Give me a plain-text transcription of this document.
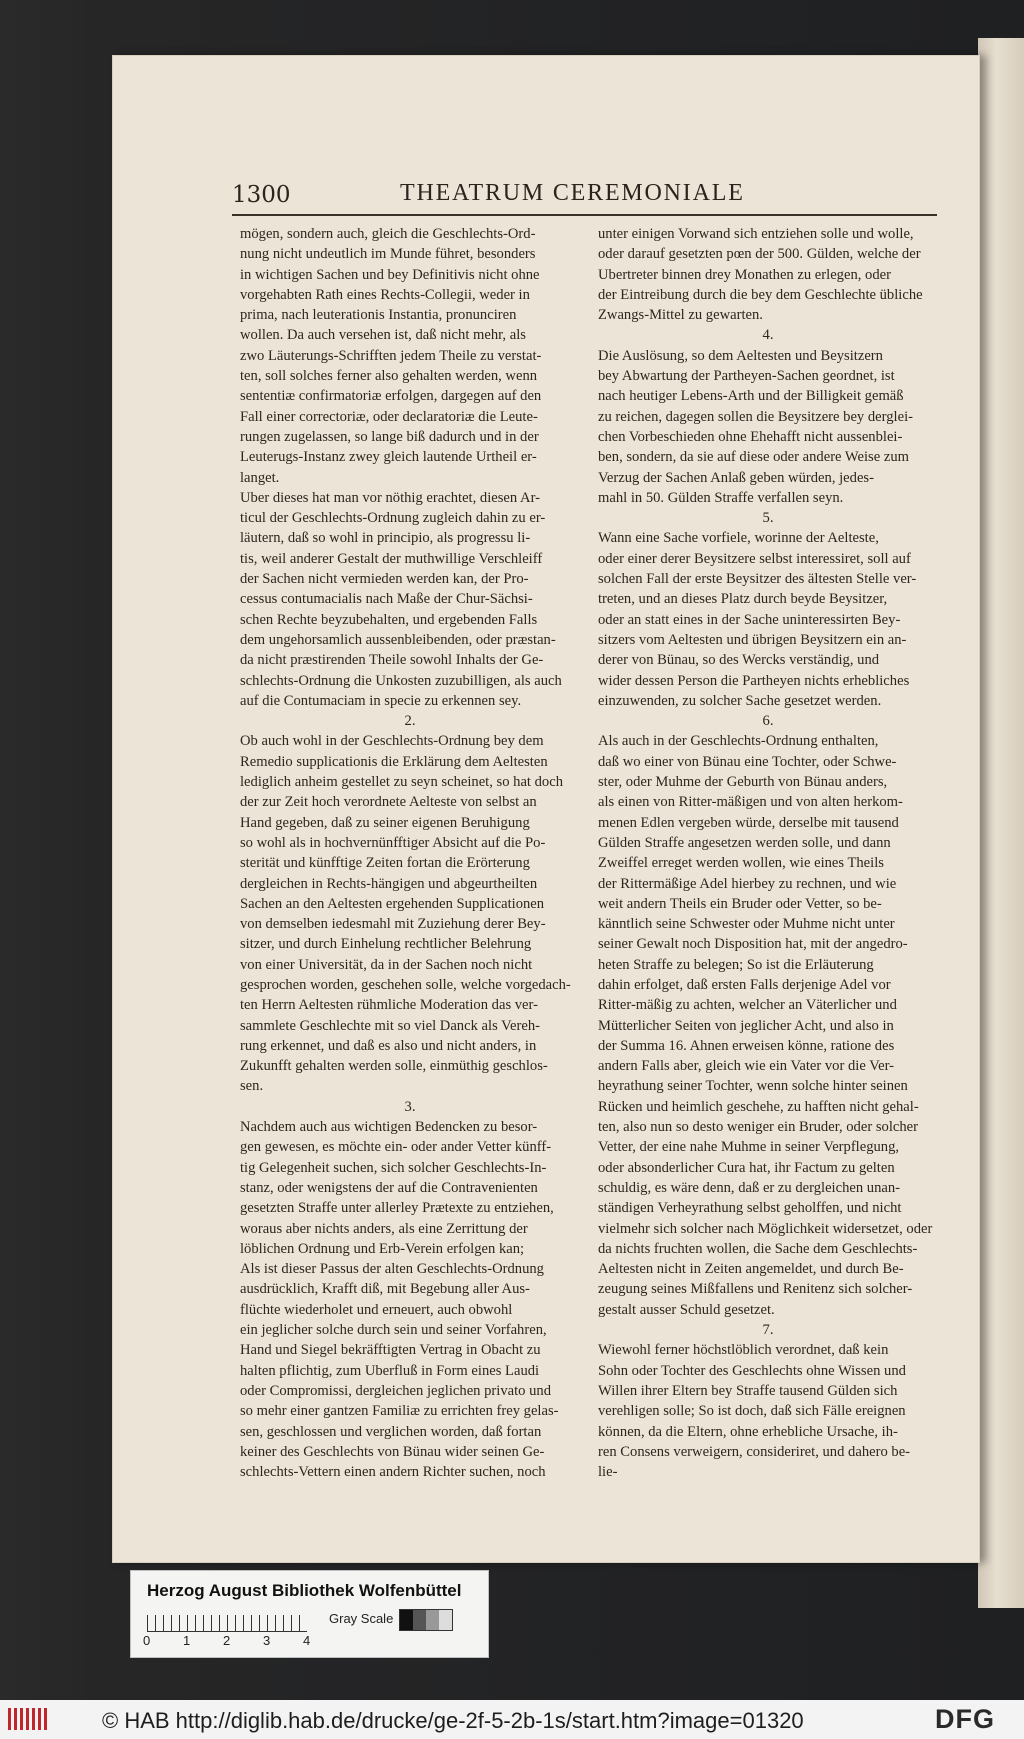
1300	THEATRUM CEREMONIALE
mögen, sondern auch, gleich die Geschlechts-Ord-
nung nicht undeutlich im Munde führet, besonders
in wichtigen Sachen und bey Definitivis nicht ohne
vorgehabten Rath eines Rechts-Collegii, weder in
prima, nach leuterationis Instantia, pronunciren
wollen. Da auch versehen ist, daß nicht mehr, als
zwo Läuterungs-Schrifften jedem Theile zu verstat-
ten, soll solches ferner also gehalten werden, wenn
sententiæ confirmatoriæ erfolgen, dargegen auf den
Fall einer correctoriæ, oder declaratoriæ die Leute-
rungen zugelassen, so lange biß dadurch und in der
Leuterugs-Instanz zwey gleich lautende Urtheil er-
langet.
Uber dieses hat man vor nöthig erachtet, diesen Ar-
ticul der Geschlechts-Ordnung zugleich dahin zu er-
läutern, daß so wohl in principio, als progressu li-
tis, weil anderer Gestalt der muthwillige Verschleiff
der Sachen nicht vermieden werden kan, der Pro-
cessus contumacialis nach Maße der Chur-Sächsi-
schen Rechte beyzubehalten, und ergebenden Falls
dem ungehorsamlich aussenbleibenden, oder præstan-
da nicht præstirenden Theile sowohl Inhalts der Ge-
schlechts-Ordnung die Unkosten zuzubilligen, als auch
auf die Contumaciam in specie zu erkennen sey.
2.
Ob auch wohl in der Geschlechts-Ordnung bey dem
Remedio supplicationis die Erklärung dem Aeltesten
lediglich anheim gestellet zu seyn scheinet, so hat doch
der zur Zeit hoch verordnete Aelteste von selbst an
Hand gegeben, daß zu seiner eigenen Beruhigung
so wohl als in hochvernünfftiger Absicht auf die Po-
sterität und künfftige Zeiten fortan die Erörterung
dergleichen in Rechts-hängigen und abgeurtheilten
Sachen an den Aeltesten ergehenden Supplicationen
von demselben iedesmahl mit Zuziehung derer Bey-
sitzer, und durch Einhelung rechtlicher Belehrung
von einer Universität, da in der Sachen noch nicht
gesprochen worden, geschehen solle, welche vorgedach-
ten Herrn Aeltesten rühmliche Moderation das ver-
sammlete Geschlechte mit so viel Danck als Vereh-
rung erkennet, und daß es also und nicht anders, in
Zukunfft gehalten werden solle, einmüthig geschlos-
sen.
3.
Nachdem auch aus wichtigen Bedencken zu besor-
gen gewesen, es möchte ein- oder ander Vetter künff-
tig Gelegenheit suchen, sich solcher Geschlechts-In-
stanz, oder wenigstens der auf die Contravenienten
gesetzten Straffe unter allerley Prætexte zu entziehen,
woraus aber nichts anders, als eine Zerrittung der
löblichen Ordnung und Erb-Verein erfolgen kan;
Als ist dieser Passus der alten Geschlechts-Ordnung
ausdrücklich, Krafft diß, mit Begebung aller Aus-
flüchte wiederholet und erneuert, auch obwohl
ein jeglicher solche durch sein und seiner Vorfahren,
Hand und Siegel bekräfftigten Vertrag in Obacht zu
halten pflichtig, zum Uberfluß in Form eines Laudi
oder Compromissi, dergleichen jeglichen privato und
so mehr einer gantzen Familiæ zu errichten frey gelas-
sen, geschlossen und verglichen worden, daß fortan
keiner des Geschlechts von Bünau wider seinen Ge-
schlechts-Vettern einen andern Richter suchen, noch
unter einigen Vorwand sich entziehen solle und wolle,
oder darauf gesetzten pœn der 500. Gülden, welche der
Ubertreter binnen drey Monathen zu erlegen, oder
der Eintreibung durch die bey dem Geschlechte übliche
Zwangs-Mittel zu gewarten.
4.
Die Auslösung, so dem Aeltesten und Beysitzern
bey Abwartung der Partheyen-Sachen geordnet, ist
nach heutiger Lebens-Arth und der Billigkeit gemäß
zu reichen, dagegen sollen die Beysitzere bey derglei-
chen Vorbeschieden ohne Ehehafft nicht aussenblei-
ben, sondern, da sie auf diese oder andere Weise zum
Verzug der Sachen Anlaß geben würden, jedes-
mahl in 50. Gülden Straffe verfallen seyn.
5.
Wann eine Sache vorfiele, worinne der Aelteste,
oder einer derer Beysitzere selbst interessiret, soll auf
solchen Fall der erste Beysitzer des ältesten Stelle ver-
treten, und an dieses Platz durch beyde Beysitzer,
oder an statt eines in der Sache uninteressirten Bey-
sitzers vom Aeltesten und übrigen Beysitzern ein an-
derer von Bünau, so des Wercks verständig, und
wider dessen Person die Partheyen nichts erhebliches
einzuwenden, zu solcher Sache gesetzet werden.
6.
Als auch in der Geschlechts-Ordnung enthalten,
daß wo einer von Bünau eine Tochter, oder Schwe-
ster, oder Muhme der Geburth von Bünau anders,
als einen von Ritter-mäßigen und von alten herkom-
menen Edlen vergeben würde, derselbe mit tausend
Gülden Straffe angesetzen werden solle, und dann
Zweiffel erreget werden wollen, wie eines Theils
der Rittermäßige Adel hierbey zu rechnen, und wie
weit andern Theils ein Bruder oder Vetter, so be-
känntlich seine Schwester oder Muhme nicht unter
seiner Gewalt noch Disposition hat, mit der angedro-
heten Straffe zu belegen; So ist die Erläuterung
dahin erfolget, daß ersten Falls derjenige Adel vor
Ritter-mäßig zu achten, welcher an Väterlicher und
Mütterlicher Seiten von jeglicher Acht, und also in
der Summa 16. Ahnen erweisen könne, ratione des
andern Falls aber, gleich wie ein Vater vor die Ver-
heyrathung seiner Tochter, wenn solche hinter seinen
Rücken und heimlich geschehe, zu hafften nicht gehal-
ten, also nun so desto weniger ein Bruder, oder solcher
Vetter, der eine nahe Muhme in seiner Verpflegung,
oder absonderlicher Cura hat, ihr Factum zu gelten
schuldig, es wäre denn, daß er zu dergleichen unan-
ständigen Verheyrathung selbst geholffen, und nicht
vielmehr sich solcher nach Möglichkeit widersetzet, oder
da nichts fruchten wollen, die Sache dem Geschlechts-
Aeltesten nicht in Zeiten angemeldet, und durch Be-
zeugung seines Mißfallens und Renitenz sich solcher-
gestalt ausser Schuld gesetzet.
7.
Wiewohl ferner höchstlöblich verordnet, daß kein
Sohn oder Tochter des Geschlechts ohne Wissen und
Willen ihrer Eltern bey Straffe tausend Gülden sich
verehligen solle; So ist doch, daß sich Fälle ereignen
können, da die Eltern, ohne erhebliche Ursache, ih-
ren Consens verweigern, consideriret, und dahero be-
lie-
Herzog August Bibliothek Wolfenbüttel
0	1	2	3	4
Gray Scale
© HAB http://diglib.hab.de/drucke/ge-2f-5-2b-1s/start.htm?image=01320	DFG
